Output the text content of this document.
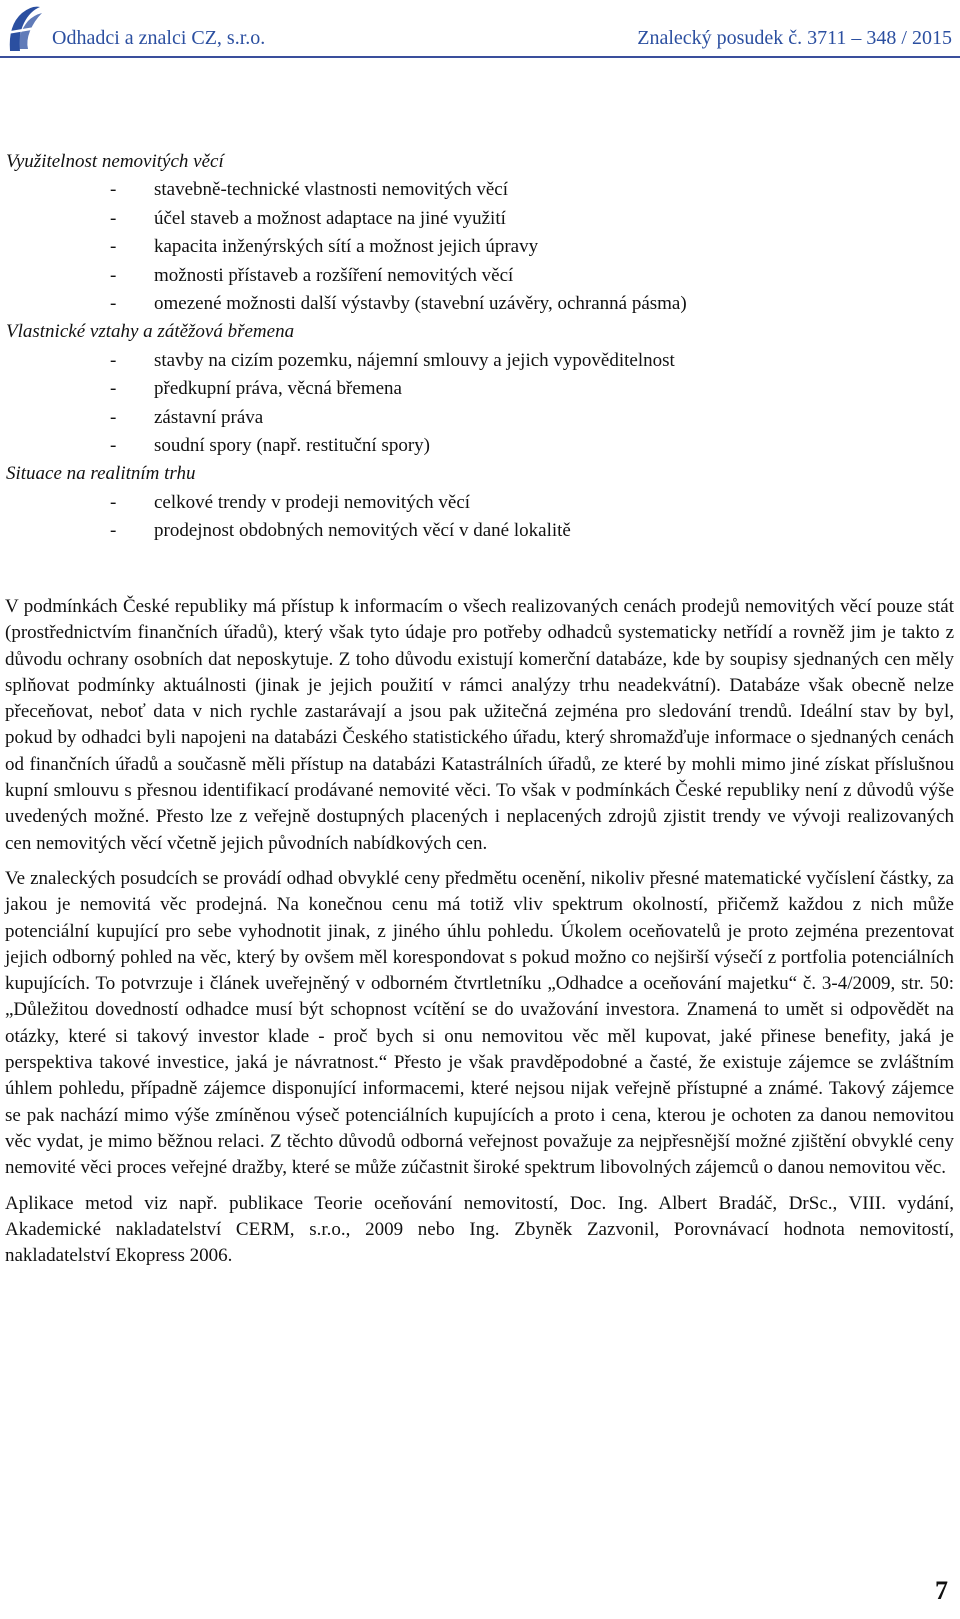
Odhadci a znalci CZ, s.r.o.	Znalecký posudek č. 3711 – 348 / 2015
Využitelnost nemovitých věcí
- stavebně-technické vlastnosti nemovitých věcí
- účel staveb a možnost adaptace na jiné využití
- kapacita inženýrských sítí a možnost jejich úpravy
- možnosti přístaveb a rozšíření nemovitých věcí
- omezené možnosti další výstavby (stavební uzávěry, ochranná pásma)
Vlastnické vztahy a zátěžová břemena
- stavby na cizím pozemku, nájemní smlouvy a jejich vypověditelnost
- předkupní práva, věcná břemena
- zástavní práva
- soudní spory (např. restituční spory)
Situace na realitním trhu
- celkové trendy v prodeji nemovitých věcí
- prodejnost obdobných nemovitých věcí v dané lokalitě

V podmínkách České republiky má přístup k informacím o všech realizovaných cenách prodejů nemovitých věcí pouze stát (prostřednictvím finančních úřadů), který však tyto údaje pro potřeby odhadců systematicky netřídí a rovněž jim je takto z důvodu ochrany osobních dat neposkytuje. Z toho důvodu existují komerční databáze, kde by soupisy sjednaných cen měly splňovat podmínky aktuálnosti (jinak je jejich použití v rámci analýzy trhu neadekvátní). Databáze však obecně nelze přeceňovat, neboť data v nich rychle zastarávají a jsou pak užitečná zejména pro sledování trendů. Ideální stav by byl, pokud by odhadci byli napojeni na databázi Českého statistického úřadu, který shromažďuje informace o sjednaných cenách od finančních úřadů a současně měli přístup na databázi Katastrálních úřadů, ze které by mohli mimo jiné získat příslušnou kupní smlouvu s přesnou identifikací prodávané nemovité věci. To však v podmínkách České republiky není z důvodů výše uvedených možné. Přesto lze z veřejně dostupných placených i neplacených zdrojů zjistit trendy ve vývoji realizovaných cen nemovitých věcí včetně jejich původních nabídkových cen.

Ve znaleckých posudcích se provádí odhad obvyklé ceny předmětu ocenění, nikoliv přesné matematické vyčíslení částky, za jakou je nemovitá věc prodejná. Na konečnou cenu má totiž vliv spektrum okolností, přičemž každou z nich může potenciální kupující pro sebe vyhodnotit jinak, z jiného úhlu pohledu. Úkolem oceňovatelů je proto zejména prezentovat jejich odborný pohled na věc, který by ovšem měl korespondovat s pokud možno co nejširší výsečí z portfolia potenciálních kupujících. To potvrzuje i článek uveřejněný v odborném čtvrtletníku „Odhadce a oceňování majetku“ č. 3-4/2009, str. 50: „Důležitou dovedností odhadce musí být schopnost vcítění se do uvažování investora. Znamená to umět si odpovědět na otázky, které si takový investor klade - proč bych si onu nemovitou věc měl kupovat, jaké přinese benefity, jaká je perspektiva takové investice, jaká je návratnost.“ Přesto je však pravděpodobné a časté, že existuje zájemce se zvláštním úhlem pohledu, případně zájemce disponující informacemi, které nejsou nijak veřejně přístupné a známé. Takový zájemce se pak nachází mimo výše zmíněnou výseč potenciálních kupujících a proto i cena, kterou je ochoten za danou nemovitou věc vydat, je mimo běžnou relaci. Z těchto důvodů odborná veřejnost považuje za nejpřesnější možné zjištění obvyklé ceny nemovité věci proces veřejné dražby, které se může zúčastnit široké spektrum libovolných zájemců o danou nemovitou věc.

Aplikace metod viz např. publikace Teorie oceňování nemovitostí, Doc. Ing. Albert Bradáč, DrSc., VIII. vydání, Akademické nakladatelství CERM, s.r.o., 2009 nebo Ing. Zbyněk Zazvonil, Porovnávací hodnota nemovitostí, nakladatelství Ekopress 2006.

7
